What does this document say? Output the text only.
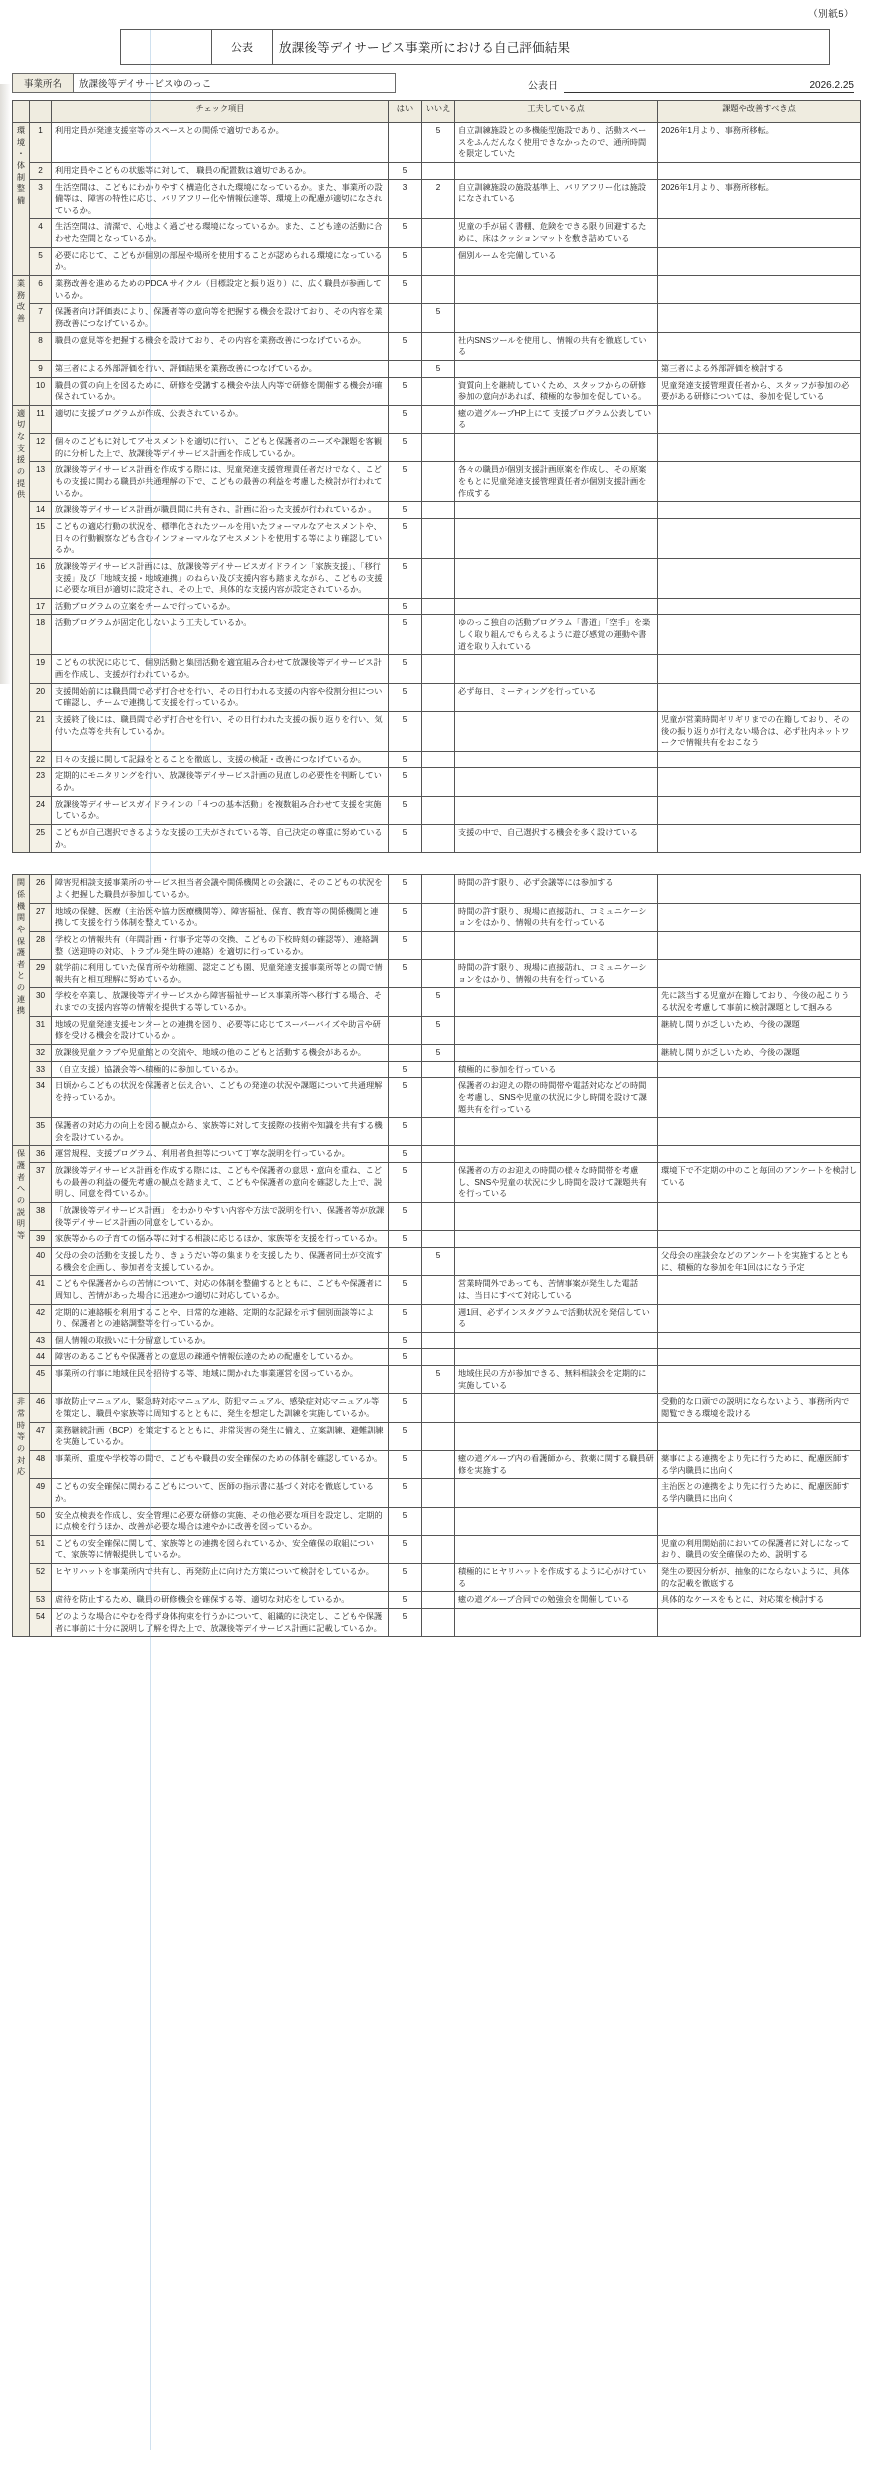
（別紙5）
公表	放課後等デイサービス事業所における自己評価結果
事業所名	放課後等デイサービスゆのっこ	公表日	2026.2.25
		チェック項目	はい	いいえ	工夫している点	課題や改善すべき点

環
境
・
体
制
整
備
	1	利用定員が発達支援室等のスペースとの関係で適切であるか。		5	自立訓練施設との多機能型施設であり、活動スペースをふんだんなく使用できなかったので、通所時間を限定していた	2026年1月より、事務所移転。
	2	利用定員やこどもの状態等に対して、 職員の配置数は適切であるか。	5			
	3	生活空間は、こどもにわかりやすく構造化された環境になっているか。また、事業所の設備等は、障害の特性に応じ、バリアフリー化や情報伝達等、環境上の配慮が適切になされているか。	3	2	自立訓練施設の施設基準上、バリアフリー化は施設になされている	2026年1月より、事務所移転。
	4	生活空間は、清潔で、心地よく過ごせる環境になっているか。また、こども達の活動に合わせた空間となっているか。	5		児童の手が届く書棚、危険をできる限り回避するために、床はクッションマットを敷き詰めている	
	5	必要に応じて、こどもが個別の部屋や場所を使用することが認められる環境になっているか。	5		個別ルームを完備している	

業
務
改
善	6	業務改善を進めるためのPDCA サイクル（目標設定と振り返り）に、広く職員が参画しているか。	5			
	7	保護者向け評価表により、保護者等の意向等を把握する機会を設けており、その内容を業務改善につなげているか。		5		
	8	職員の意見等を把握する機会を設けており、その内容を業務改善につなげているか。	5		社内SNSツールを使用し、情報の共有を徹底している	
	9	第三者による外部評価を行い、評価結果を業務改善につなげているか。		5		第三者による外部評価を検討する
	10	職員の質の向上を図るために、研修を受講する機会や法人内等で研修を開催する機会が確保されているか。	5		資質向上を継続していくため、スタッフからの研修参加の意向があれば、積極的な参加を促している。	児童発達支援管理責任者から、スタッフが参加の必要がある研修については、参加を促している

適
切
な
支
援
の
提
供
	11	適切に支援プログラムが作成、公表されているか。	5		癒の道グループHP上にて 支援プログラム公表している	
	12	個々のこどもに対してアセスメントを適切に行い、こどもと保護者のニーズや課題を客観的に分析した上で、放課後等デイサービス計画を作成しているか。	5			
	13	放課後等デイサービス計画を作成する際には、児童発達支援管理責任者だけでなく、こどもの支援に関わる職員が共通理解の下で、こどもの最善の利益を考慮した検討が行われているか。	5		各々の職員が個別支援計画原案を作成し、その原案をもとに児童発達支援管理責任者が個別支援計画を作成する	
	14	放課後等デイサービス計画が職員間に共有され、計画に沿った支援が行われているか 。	5			
	15	こどもの適応行動の状況を、標準化されたツールを用いたフォーマルなアセスメントや、日々の行動観察なども含むインフォーマルなアセスメントを使用する等により確認しているか。	5			
	16	放課後等デイサービス計画には、放課後等デイサービスガイドライン「家族支援」、「移行支援」及び「地域支援・地域連携」のねらい及び支援内容も踏まえながら、こどもの支援に必要な項目が適切に設定され、その上で、具体的な支援内容が設定されているか。	5			
	17	活動プログラムの立案をチームで行っているか。	5			
	18	活動プログラムが固定化しないよう工夫しているか。	5		ゆのっこ独自の活動プログラム「書道」「空手」を楽しく取り組んでもらえるように遊び感覚の運動や書道を取り入れている	
	19	こどもの状況に応じて、個別活動と集団活動を適宜組み合わせて放課後等デイサービス計画を作成し、支援が行われているか。	5			
	20	支援開始前には職員間で必ず打合せを行い、その日行われる支援の内容や役割分担について確認し、チームで連携して支援を行っているか。	5		必ず毎日、ミーティングを行っている	
	21	支援終了後には、職員間で必ず打合せを行い、その日行われた支援の振り返りを行い、気付いた点等を共有しているか。	5			児童が営業時間ギリギリまでの在籍しており、その後の振り返りが行えない場合は、必ず社内ネットワークで情報共有をおこなう
	22	日々の支援に関して記録をとることを徹底し、支援の検証・改善につなげているか。	5			
	23	定期的にモニタリングを行い、放課後等デイサービス計画の見直しの必要性を判断しているか。	5			
	24	放課後等デイサービスガイドラインの「４つの基本活動」を複数組み合わせて支援を実施しているか。	5			
	25	こどもが自己選択できるような支援の工夫がされている等、自己決定の尊重に努めているか。	5		支援の中で、自己選択する機会を多く設けている	
関
係
機
関
や
保
護
者
と
の
連
携
	26	障害児相談支援事業所のサービス担当者会議や関係機関との会議に、そのこどもの状況をよく把握した職員が参加しているか。	5		時間の許す限り、必ず会議等には参加する	
	27	地域の保健、医療（主治医や協力医療機関等）、障害福祉、保育、教育等の関係機関と連携して支援を行う体制を整えているか。	5		時間の許す限り、現場に直接訪れ、コミュニケーションをはかり、情報の共有を行っている	
	28	学校との情報共有（年間計画・行事予定等の交換、こどもの下校時刻の確認等）、連絡調整（送迎時の対応、トラブル発生時の連絡）を適切に行っているか。	5			
	29	就学前に利用していた保育所や幼稚園、認定こども園、児童発達支援事業所等との間で情報共有と相互理解に努めているか。	5		時間の許す限り、現場に直接訪れ、コミュニケーションをはかり、情報の共有を行っている	
	30	学校を卒業し、放課後等デイサービスから障害福祉サービス事業所等へ移行する場合、それまでの支援内容等の情報を提供する等しているか。		5		先に該当する児童が在籍しており、今後の起こりうる状況を考慮して事前に検討課題として掴みる
	31	地域の児童発達支援センターとの連携を図り、必要等に応じてスーパーバイズや助言や研修を受ける機会を設けているか 。		5		継続し関りが乏しいため、今後の課題
	32	放課後児童クラブや児童館との交流や、地域の他のこどもと活動する機会があるか。		5		継続し関りが乏しいため、今後の課題
	33	（自立支援）協議会等へ積極的に参加しているか。	5		積極的に参加を行っている	
	34	日頃からこどもの状況を保護者と伝え合い、こどもの発達の状況や課題について共通理解を持っているか。	5		保護者のお迎えの際の時間帯や電話対応などの時間を考慮し、SNSや児童の状況に少し時間を設けて課題共有を行っている	
	35	保護者の対応力の向上を図る観点から、家族等に対して支援際の技術や知識を共有する機会を設けているか。	5			

保
護
者
へ
の
説
明
等
	36	運営規程、支援プログラム、利用者負担等について丁寧な説明を行っているか。	5			
	37	放課後等デイサービス計画を作成する際には、こどもや保護者の意思・意向を重ね、こどもの最善の利益の優先考慮の観点を踏まえて、こどもや保護者の意向を確認した上で、説明し、同意を得ているか。	5		保護者の方のお迎えの時間の様々な時間帯を考慮し、SNSや児童の状況に少し時間を設けて課題共有を行っている	環境下で不定期の中のこと毎回のアンケートを検討している
	38	「放課後等デイサービス計画」 をわかりやすい内容や方法で説明を行い、保護者等が放課後等デイサービス計画の同意をしているか。	5			
	39	家族等からの子育ての悩み等に対する相談に応じるほか、家族等を支援を行っているか。	5			
	40	父母の会の活動を支援したり、きょうだい等の集まりを支援したり、保護者同士が交流する機会を企画し、参加者を支援しているか。		5		父母会の座談会などのアンケートを実施するとともに、積極的な参加を年1回はになう予定
	41	こどもや保護者からの苦情について、対応の体制を整備するとともに、こどもや保護者に周知し、苦情があった場合に迅速かつ適切に対応しているか。	5		営業時間外であっても、苦情事案が発生した電話は、当日にすべて対応している	
	42	定期的に連絡帳を利用することや、日常的な連絡、定期的な記録を示す個別面談等により、保護者との連絡調整等を行っているか。	5		週1回、必ずインスタグラムで活動状況を発信している	
	43	個人情報の取扱いに十分留意しているか。	5			
	44	障害のあるこどもや保護者との意思の疎通や情報伝達のための配慮をしているか。	5			
	45	事業所の行事に地域住民を招待する等、地域に開かれた事業運営を図っているか。		5	地域住民の方が参加できる、無料相談会を定期的に実施している	

非
常
時
等
の
対
応
	46	事故防止マニュアル、緊急時対応マニュアル、防犯マニュアル、感染症対応マニュアル等を策定し、職員や家族等に周知するとともに、発生を想定した訓練を実施しているか。	5			受動的な口頭での説明にならないよう、事務所内で閲覧できる環境を設ける
	47	業務継続計画（BCP）を策定するとともに、非常災害の発生に備え、立案訓練、避難訓練を実施しているか。	5			
	48	事業所、重度や学校等の間で、こどもや職員の安全確保のための体制を確認しているか。	5		癒の道グループ内の看護師から、救薬に関する職員研修を実施する	薬事による連携をより先に行うために、配慮医師する学内職員に出向く
	49	こどもの安全確保に関わるこどもについて、医師の指示書に基づく対応を徹底しているか。	5			主治医との連携をより先に行うために、配慮医師する学内職員に出向く
	50	安全点検表を作成し、安全管理に必要な研修の実施、その他必要な項目を設定し、定期的に点検を行うほか、改善が必要な場合は速やかに改善を図っているか。	5			
	51	こどもの安全確保に関して、家族等との連携を図られているか、安全確保の取組について、家族等に情報提供しているか。	5			児童の利用開始前においての保護者に対しになっており、職員の安全確保のため、説明する
	52	ヒヤリハットを事業所内で共有し、再発防止に向けた方策について検討をしているか。	5		積極的にヒヤリハットを作成するように心がけている	発生の要因分析が、抽象的にならないように、具体的な記載を徹底する
	53	虐待を防止するため、職員の研修機会を確保する等、適切な対応をしているか。	5		癒の道グループ合同での勉強会を開催している	具体的なケースをもとに、対応策を検討する
	54	どのような場合にやむを得ず身体拘束を行うかについて、組織的に決定し、こどもや保護者に事前に十分に説明し了解を得た上で、放課後等デイサービス計画に記載しているか。	5			
